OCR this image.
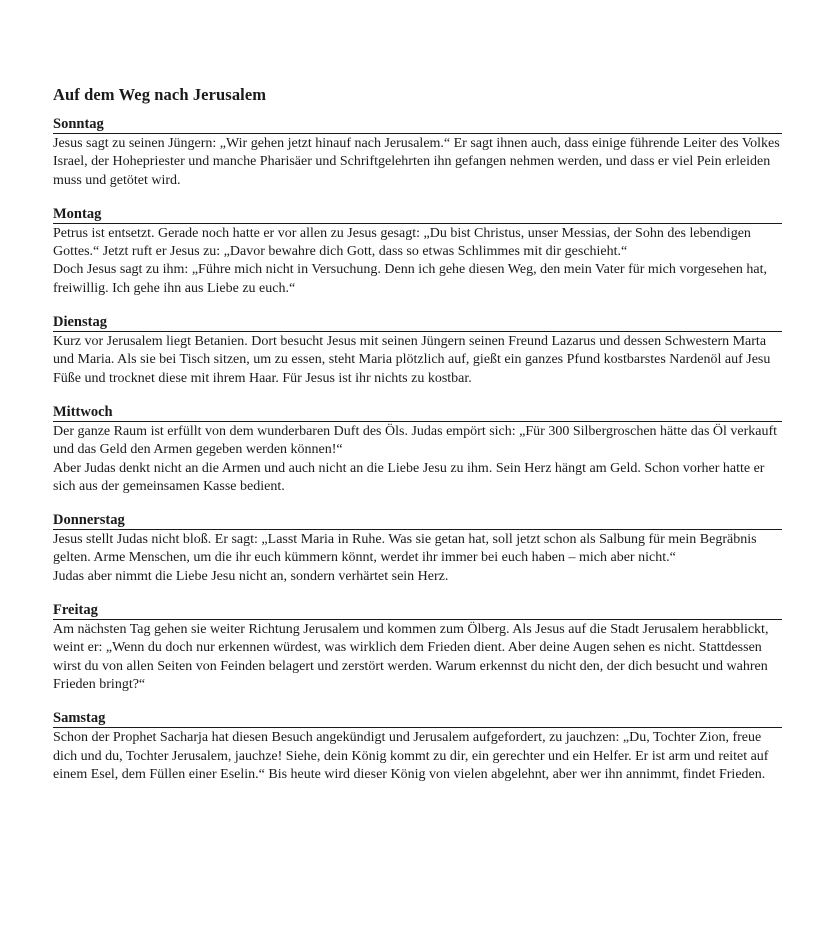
Auf dem Weg nach Jerusalem
Sonntag

Jesus sagt zu seinen Jüngern: „Wir gehen jetzt hinauf nach Jerusalem.“ Er sagt ihnen auch, dass einige führende Leiter des Volkes Israel, der Hohepriester und manche Pharisäer und Schriftgelehrten ihn gefangen nehmen werden, und dass er viel Pein erleiden muss und getötet wird.

Montag

Petrus ist entsetzt. Gerade noch hatte er vor allen zu Jesus gesagt: „Du bist Christus, unser Messias, der Sohn des lebendigen Gottes.“ Jetzt ruft er Jesus zu: „Davor bewahre dich Gott, dass so etwas Schlimmes mit dir geschieht.“

Doch Jesus sagt zu ihm: „Führe mich nicht in Versuchung. Denn ich gehe diesen Weg, den mein Vater für mich vorgesehen hat, freiwillig. Ich gehe ihn aus Liebe zu euch.“

Dienstag

Kurz vor Jerusalem liegt Betanien. Dort besucht Jesus mit seinen Jüngern seinen Freund Lazarus und dessen Schwestern Marta und Maria. Als sie bei Tisch sitzen, um zu essen, steht Maria plötzlich auf, gießt ein ganzes Pfund kostbarstes Nardenöl auf Jesu Füße und trocknet diese mit ihrem Haar. Für Jesus ist ihr nichts zu kostbar.

Mittwoch

Der ganze Raum ist erfüllt von dem wunderbaren Duft des Öls. Judas empört sich: „Für 300 Silbergroschen hätte das Öl verkauft und das Geld den Armen gegeben werden können!“

Aber Judas denkt nicht an die Armen und auch nicht an die Liebe Jesu zu ihm. Sein Herz hängt am Geld. Schon vorher hatte er sich aus der gemeinsamen Kasse bedient.

Donnerstag

Jesus stellt Judas nicht bloß. Er sagt: „Lasst Maria in Ruhe. Was sie getan hat, soll jetzt schon als Salbung für mein Begräbnis gelten. Arme Menschen, um die ihr euch kümmern könnt, werdet ihr immer bei euch haben – mich aber nicht.“

Judas aber nimmt die Liebe Jesu nicht an, sondern verhärtet sein Herz.

Freitag

Am nächsten Tag gehen sie weiter Richtung Jerusalem und kommen zum Ölberg. Als Jesus auf die Stadt Jerusalem herabblickt, weint er: „Wenn du doch nur erkennen würdest, was wirklich dem Frieden dient. Aber deine Augen sehen es nicht. Stattdessen wirst du von allen Seiten von Feinden belagert und zerstört werden. Warum erkennst du nicht den, der dich besucht und wahren Frieden bringt?“

Samstag

Schon der Prophet Sacharja hat diesen Besuch angekündigt und Jerusalem aufgefordert, zu jauchzen: „Du, Tochter Zion, freue dich und du, Tochter Jerusalem, jauchze! Siehe, dein König kommt zu dir, ein gerechter und ein Helfer. Er ist arm und reitet auf einem Esel, dem Füllen einer Eselin.“ Bis heute wird dieser König von vielen abgelehnt, aber wer ihn annimmt, findet Frieden.
